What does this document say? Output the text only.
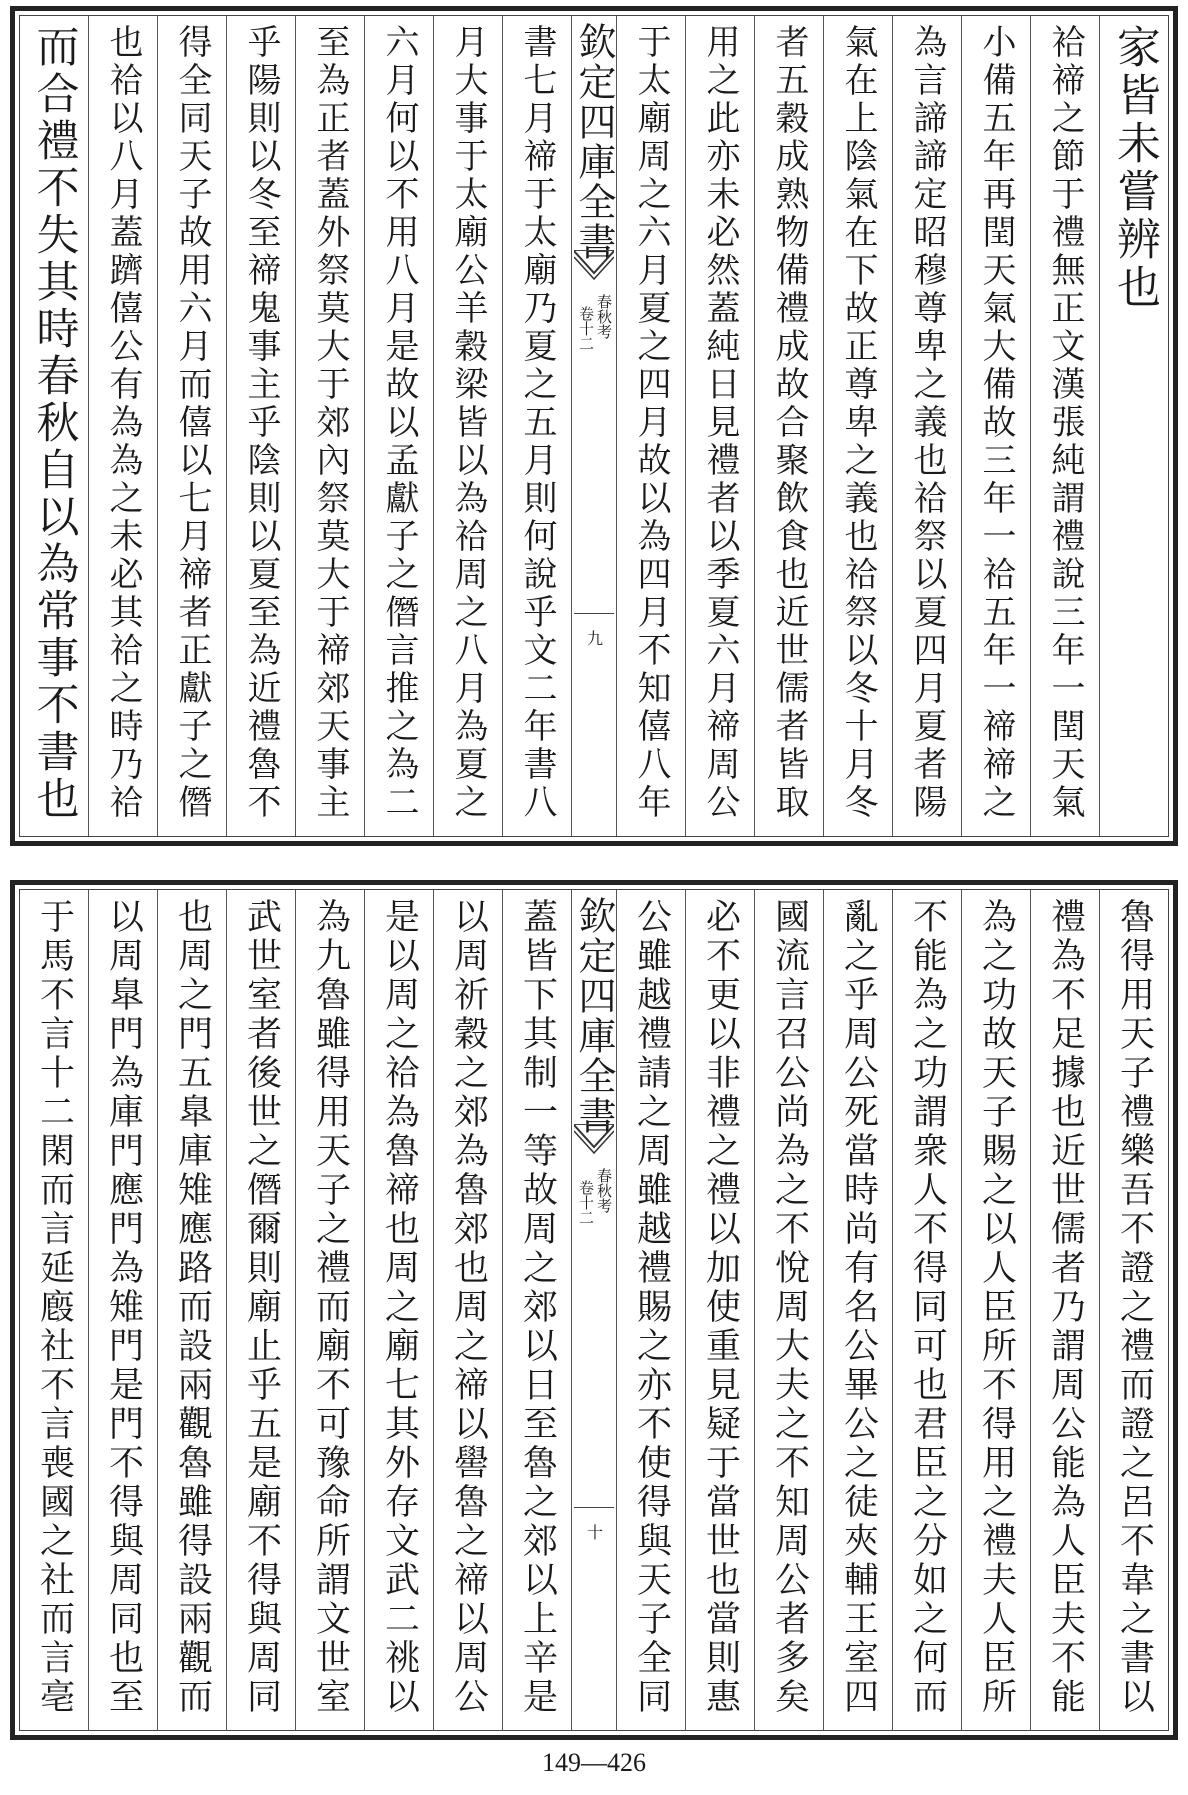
家皆未嘗辨也
袷禘之節于禮無正文漢張純謂禮說三年一閏天氣
小備五年再閏天氣大備故三年一祫五年一禘禘之
為言諦諦定昭穆尊卑之義也祫祭以夏四月夏者陽
氣在上陰氣在下故正尊卑之義也祫祭以冬十月冬
者五穀成熟物備禮成故合聚飲食也近世儒者皆取
用之此亦未必然蓋純日見禮者以季夏六月禘周公
于太廟周之六月夏之四月故以為四月不知僖八年
欽定四庫全書
春秋考
卷十二
九
書七月禘于太廟乃夏之五月則何說乎文二年書八
月大事于太廟公羊穀梁皆以為祫周之八月為夏之
六月何以不用八月是故以孟獻子之僭言推之為二
至為正者蓋外祭莫大于郊內祭莫大于禘郊天事主
乎陽則以冬至禘鬼事主乎陰則以夏至為近禮魯不
得全同天子故用六月而僖以七月禘者正獻子之僭
也祫以八月蓋躋僖公有為為之未必其祫之時乃祫
而合禮不失其時春秋自以為常事不書也
魯得用天子禮樂吾不證之禮而證之呂不韋之書以
禮為不足據也近世儒者乃謂周公能為人臣夫不能
為之功故天子賜之以人臣所不得用之禮夫人臣所
不能為之功謂衆人不得同可也君臣之分如之何而
亂之乎周公死當時尚有名公畢公之徒夾輔王室四
國流言召公尚為之不悅周大夫之不知周公者多矣
必不更以非禮之禮以加使重見疑于當世也當則惠
公雖越禮請之周雖越禮賜之亦不使得與天子全同
欽定四庫全書
春秋考
卷十二
十
蓋皆下其制一等故周之郊以日至魯之郊以上辛是
以周祈穀之郊為魯郊也周之禘以嚳魯之禘以周公
是以周之祫為魯禘也周之廟七其外存文武二祧以
為九魯雖得用天子之禮而廟不可豫命所謂文世室
武世室者後世之僭爾則廟止乎五是廟不得與周同
也周之門五臯庫雉應路而設兩觀魯雖得設兩觀而
以周臯門為庫門應門為雉門是門不得與周同也至
于馬不言十二閑而言延廏社不言喪國之社而言亳
149—426
